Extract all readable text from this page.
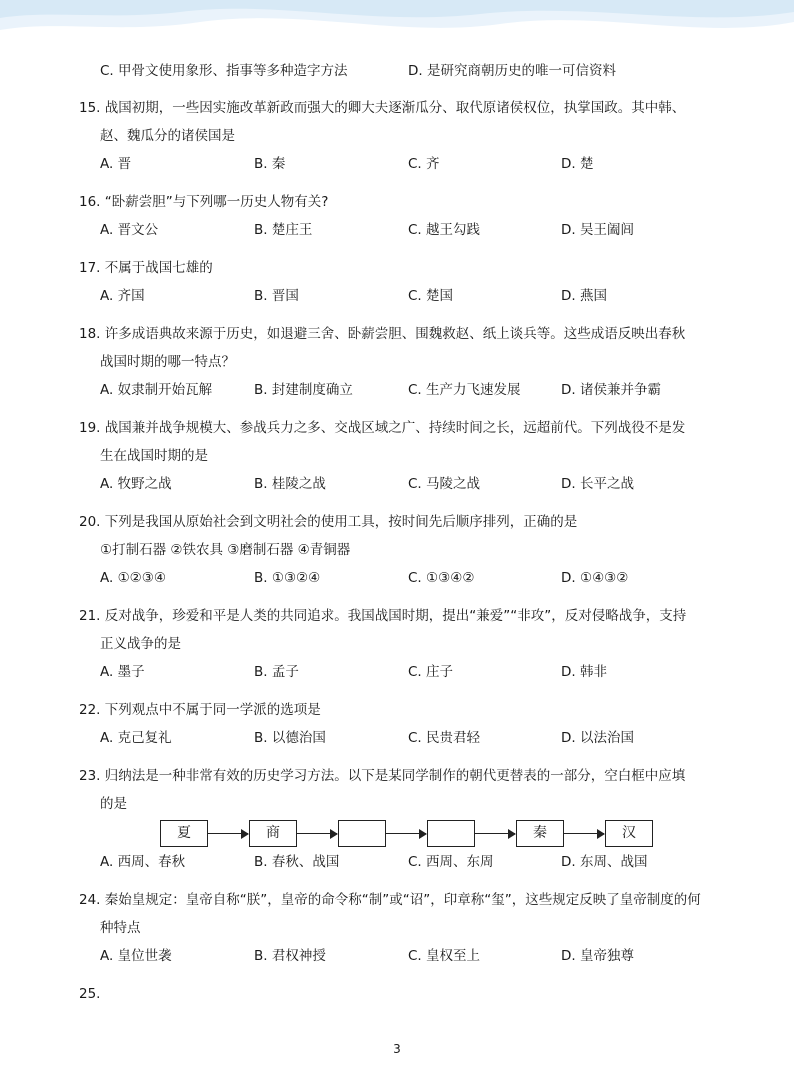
C. 甲骨文使用象形、指事等多种造字方法	D. 是研究商朝历史的唯一可信资料
15. 战国初期，一些因实施改革新政而强大的卿大夫逐渐瓜分、取代原诸侯权位，执掌国政。其中韩、
赵、魏瓜分的诸侯国是
A. 晋	B. 秦	C. 齐	D. 楚
16. “卧薪尝胆”与下列哪一历史人物有关?
A. 晋文公	B. 楚庄王	C. 越王勾践	D. 吴王阖闾
17. 不属于战国七雄的
A. 齐国	B. 晋国	C. 楚国	D. 燕国
18. 许多成语典故来源于历史，如退避三舍、卧薪尝胆、围魏救赵、纸上谈兵等。这些成语反映出春秋
战国时期的哪一特点？
A. 奴隶制开始瓦解	B. 封建制度确立	C. 生产力飞速发展	D. 诸侯兼并争霸
19. 战国兼并战争规模大、参战兵力之多、交战区域之广、持续时间之长，远超前代。下列战役不是发
生在战国时期的是
A. 牧野之战	B. 桂陵之战	C. 马陵之战	D. 长平之战
20. 下列是我国从原始社会到文明社会的使用工具，按时间先后顺序排列，正确的是
①打制石器 ②铁农具 ③磨制石器 ④青铜器
A. ①②③④	B. ①③②④	C. ①③④②	D. ①④③②
21. 反对战争，珍爱和平是人类的共同追求。我国战国时期，提出“兼爱”“非攻”，反对侵略战争，支持
正义战争的是
A. 墨子	B. 孟子	C. 庄子	D. 韩非
22. 下列观点中不属于同一学派的选项是
A. 克己复礼	B. 以德治国	C. 民贵君轻	D. 以法治国
23. 归纳法是一种非常有效的历史学习方法。以下是某同学制作的朝代更替表的一部分，空白框中应填
的是
夏	商	秦	汉
A. 西周、春秋	B. 春秋、战国	C. 西周、东周	D. 东周、战国
24. 秦始皇规定：皇帝自称“朕”，皇帝的命令称“制”或“诏”，印章称“玺”，这些规定反映了皇帝制度的何
种特点
A. 皇位世袭	B. 君权神授	C. 皇权至上	D. 皇帝独尊
25.
3
